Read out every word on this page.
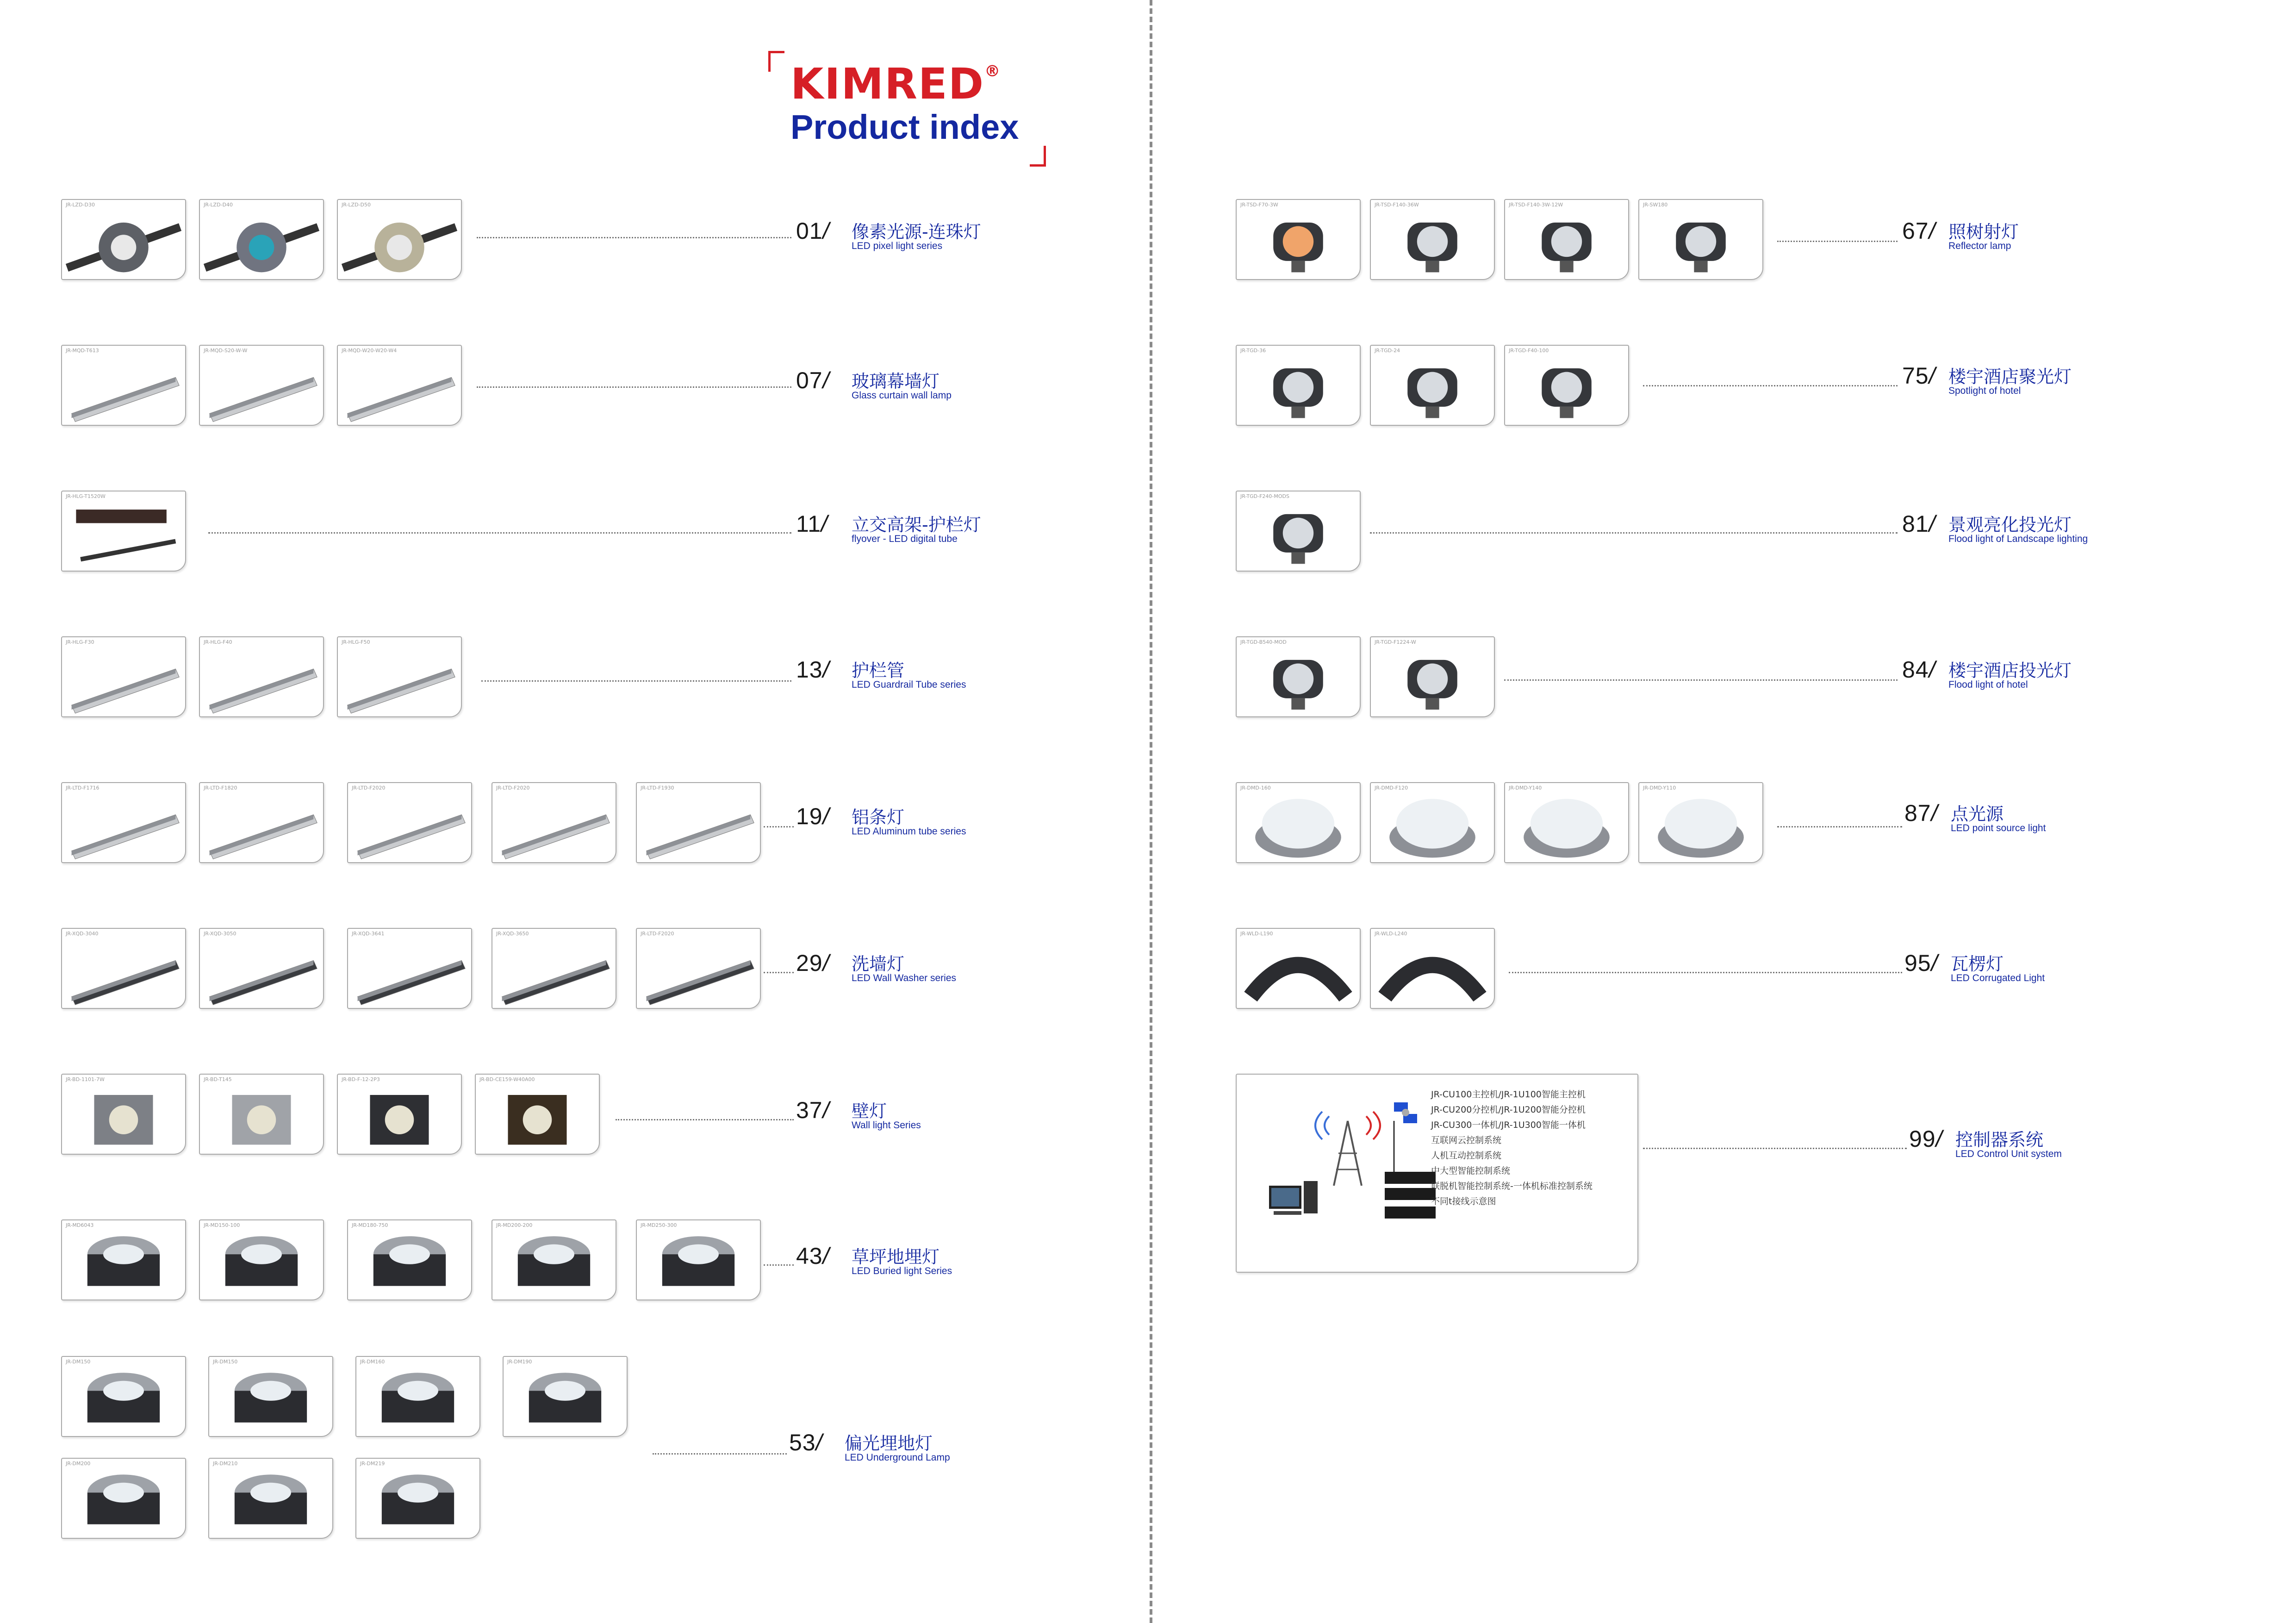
KIMRED®
Product index
JR-LZD-D30	JR-LZD-D40	JR-LZD-D50
01/ 像素光源-连珠灯
LED pixel light series
JR-MQD-T613	JR-MQD-S20-W-W	JR-MQD-W20-W20-W4
07/ 玻璃幕墙灯
Glass curtain wall lamp
JR-HLG-T1520W
11/ 立交高架-护栏灯
flyover - LED digital tube
JR-HLG-F30	JR-HLG-F40	JR-HLG-F50
13/ 护栏管
LED Guardrail Tube series
JR-LTD-F1716	JR-LTD-F1820	JR-LTD-F2020	JR-LTD-F2020	JR-LTD-F1930
19/ 铝条灯
LED Aluminum tube series
JR-XQD-3040	JR-XQD-3050	JR-XQD-3641	JR-XQD-3650	JR-LTD-F2020
29/ 洗墙灯
LED Wall Washer series
JR-BD-1101-7W	JR-BD-T145	JR-BD-F-12-2P3	JR-BD-CE159-W40A00
37/ 壁灯
Wall light Series
JR-MD6043	JR-MD150-100	JR-MD180-750	JR-MD200-200	JR-MD250-300
43/ 草坪地埋灯
LED Buried light Series
JR-DM150	JR-DM150	JR-DM160	JR-DM190
JR-DM200	JR-DM210	JR-DM219
53/ 偏光埋地灯
LED Underground Lamp
JR-TSD-F70-3W	JR-TSD-F140-36W	JR-TSD-F140-3W-12W	JR-SW180
67/ 照树射灯
Reflector lamp
JR-TGD-36	JR-TGD-24	JR-TGD-F40-100
75/ 楼宇酒店聚光灯
Spotlight of hotel
JR-TGD-F240-MODS
81/ 景观亮化投光灯
Flood light of Landscape lighting
JR-TGD-B540-MOD	JR-TGD-F1224-W
84/ 楼宇酒店投光灯
Flood light of hotel
JR-DMD-160	JR-DMD-F120	JR-DMD-Y140	JR-DMD-Y110
87/ 点光源
LED point source light
JR-WLD-L190	JR-WLD-L240
95/ 瓦楞灯
LED Corrugated Light
99/ 控制器系统
LED Control Unit system
JR-CU100主控机/JR-1U100智能主控机
JR-CU200分控机/JR-1U200智能分控机
JR-CU300一体机/JR-1U300智能一体机
互联网云控制系统
人机互动控制系统
中大型智能控制系统
联脱机智能控制系统-一体机标准控制系统
不同t接线示意图
